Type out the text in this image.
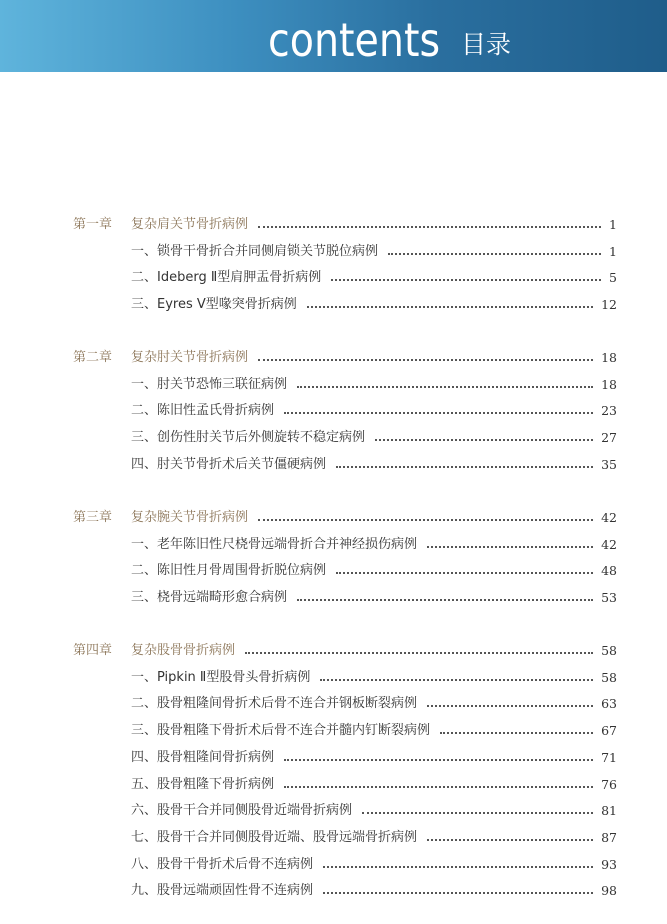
contents 目录
第一章 复杂肩关节骨折病例	1
一、锁骨干骨折合并同侧肩锁关节脱位病例	1
二、Ideberg Ⅱ型肩胛盂骨折病例	5
三、Eyres Ⅴ型喙突骨折病例	12
第二章 复杂肘关节骨折病例	18
一、肘关节恐怖三联征病例	18
二、陈旧性孟氏骨折病例	23
三、创伤性肘关节后外侧旋转不稳定病例	27
四、肘关节骨折术后关节僵硬病例	35
第三章 复杂腕关节骨折病例	42
一、老年陈旧性尺桡骨远端骨折合并神经损伤病例	42
二、陈旧性月骨周围骨折脱位病例	48
三、桡骨远端畸形愈合病例	53
第四章 复杂股骨骨折病例	58
一、Pipkin Ⅱ型股骨头骨折病例	58
二、股骨粗隆间骨折术后骨不连合并钢板断裂病例	63
三、股骨粗隆下骨折术后骨不连合并髓内钉断裂病例	67
四、股骨粗隆间骨折病例	71
五、股骨粗隆下骨折病例	76
六、股骨干合并同侧股骨近端骨折病例	81
七、股骨干合并同侧股骨近端、股骨远端骨折病例	87
八、股骨干骨折术后骨不连病例	93
九、股骨远端顽固性骨不连病例	98
